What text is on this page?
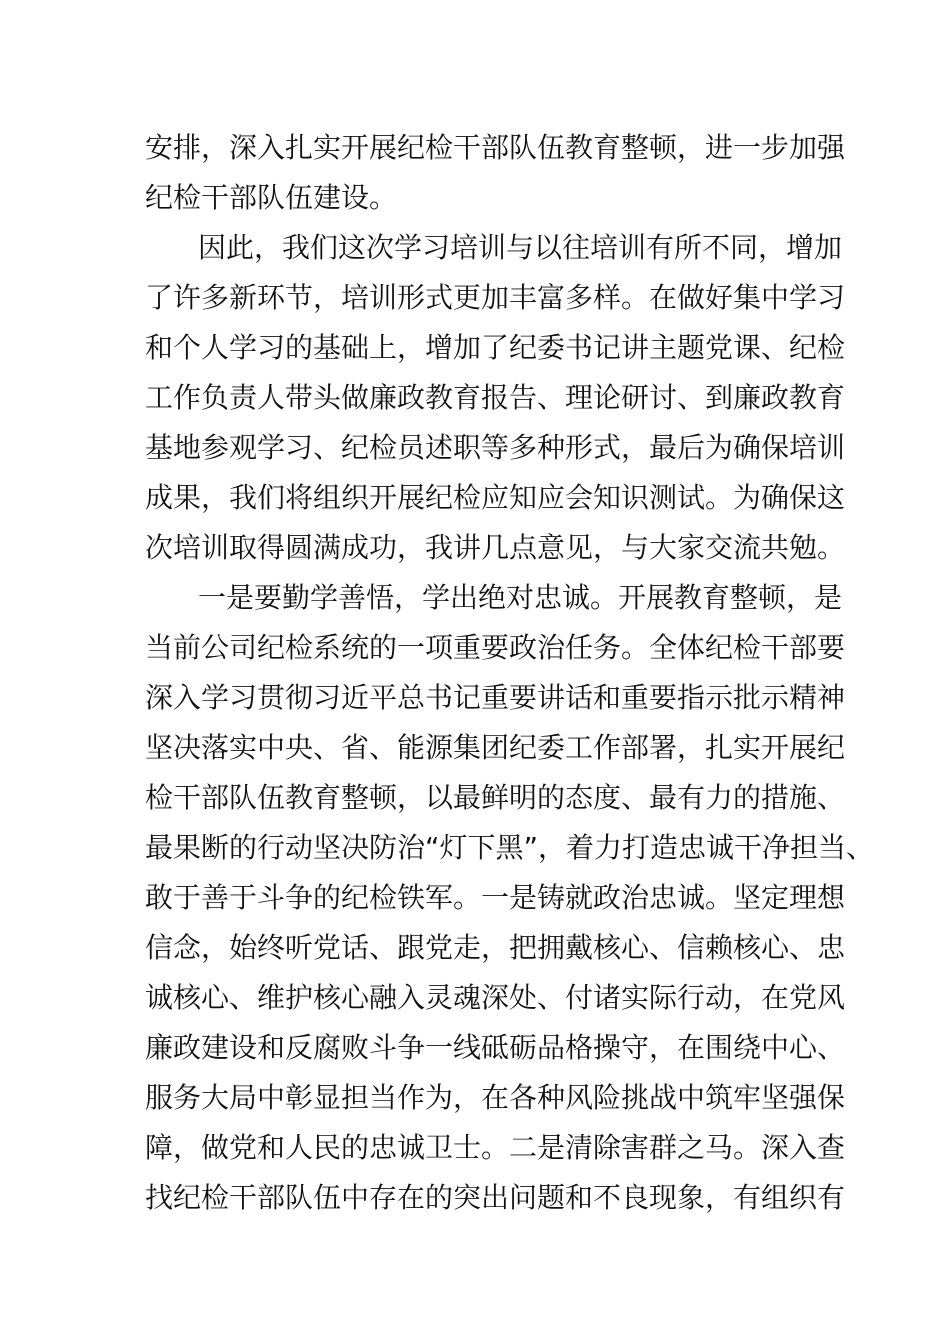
安排，深入扎实开展纪检干部队伍教育整顿，进一步加强
纪检干部队伍建设。
因此，我们这次学习培训与以往培训有所不同，增加
了许多新环节，培训形式更加丰富多样。在做好集中学习
和个人学习的基础上，增加了纪委书记讲主题党课、纪检
工作负责人带头做廉政教育报告、理论研讨、到廉政教育
基地参观学习、纪检员述职等多种形式，最后为确保培训
成果，我们将组织开展纪检应知应会知识测试。为确保这
次培训取得圆满成功，我讲几点意见，与大家交流共勉。
一是要勤学善悟，学出绝对忠诚。开展教育整顿，是
当前公司纪检系统的一项重要政治任务。全体纪检干部要
深入学习贯彻习近平总书记重要讲话和重要指示批示精神
坚决落实中央、省、能源集团纪委工作部署，扎实开展纪
检干部队伍教育整顿，以最鲜明的态度、最有力的措施、
最果断的行动坚决防治“灯下黑”，着力打造忠诚干净担当、
敢于善于斗争的纪检铁军。一是铸就政治忠诚。坚定理想
信念，始终听党话、跟党走，把拥戴核心、信赖核心、忠
诚核心、维护核心融入灵魂深处、付诸实际行动，在党风
廉政建设和反腐败斗争一线砥砺品格操守，在围绕中心、
服务大局中彰显担当作为，在各种风险挑战中筑牢坚强保
障，做党和人民的忠诚卫士。二是清除害群之马。深入查
找纪检干部队伍中存在的突出问题和不良现象，有组织有
